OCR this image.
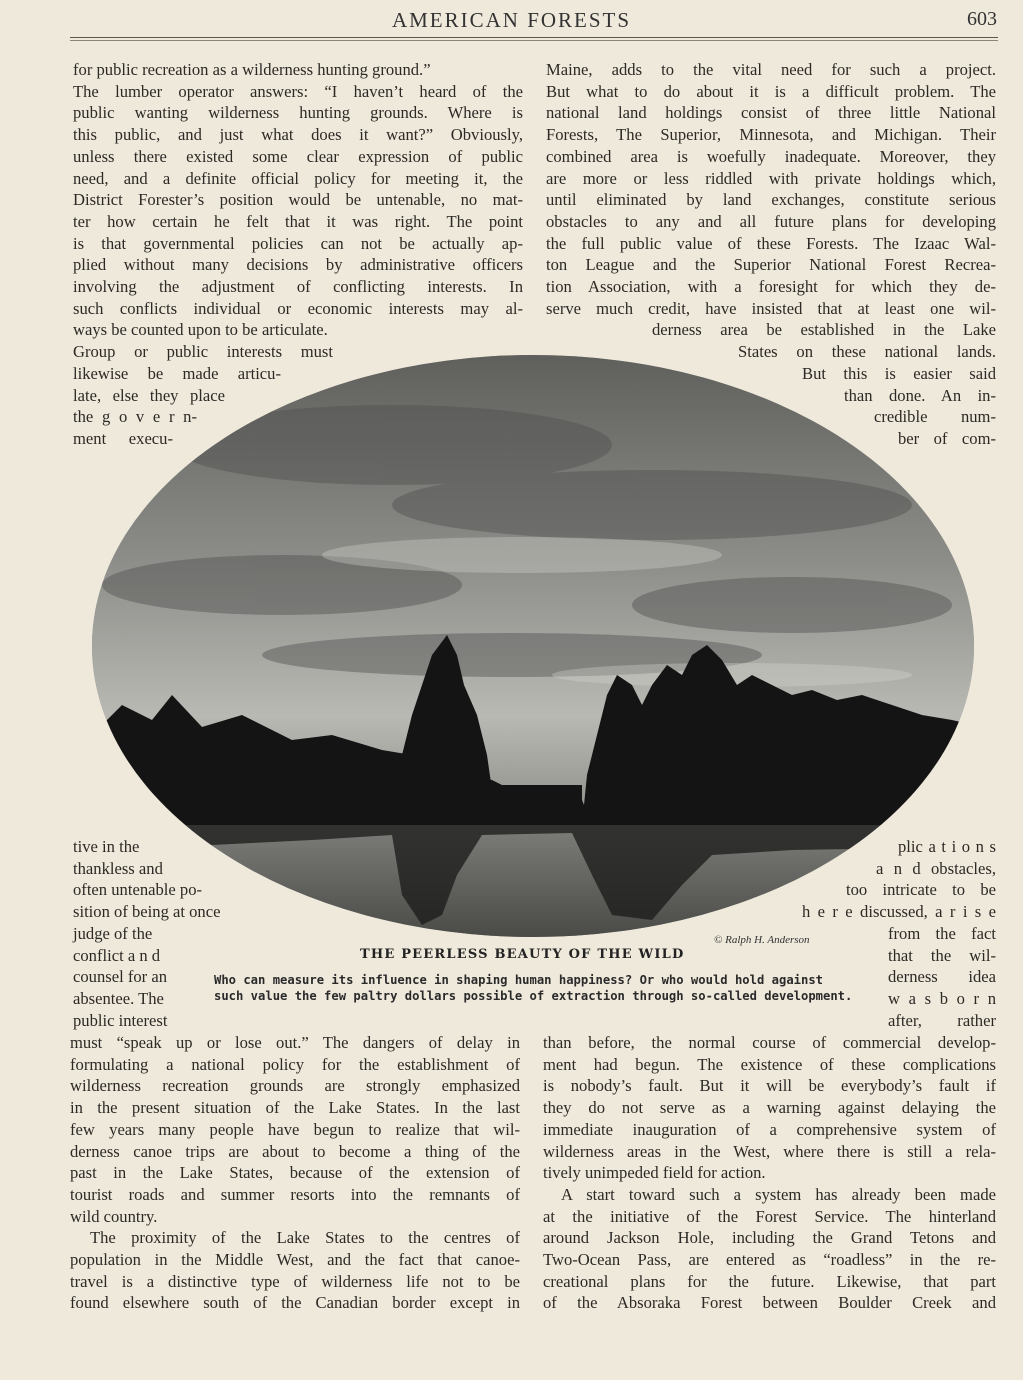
AMERICAN FORESTS	603
for public recreation as a wilderness hunting ground.”
The lumber operator answers: “I haven’t heard of the
public wanting wilderness hunting grounds. Where is
this public, and just what does it want?” Obviously,
unless there existed some clear expression of public
need, and a definite official policy for meeting it, the
District Forester’s position would be untenable, no mat-
ter how certain he felt that it was right. The point
is that governmental policies can not be actually ap-
plied without many decisions by administrative officers
involving the adjustment of conflicting interests. In
such conflicts individual or economic interests may al-
ways be counted upon to be articulate.
Group or public interests must
likewise be made articu-
late, else they place
the g o v e r n-
ment execu-
Maine, adds to the vital need for such a project.
But what to do about it is a difficult problem. The
national land holdings consist of three little National
Forests, The Superior, Minnesota, and Michigan. Their
combined area is woefully inadequate. Moreover, they
are more or less riddled with private holdings which,
until eliminated by land exchanges, constitute serious
obstacles to any and all future plans for developing
the full public value of these Forests. The Izaac Wal-
ton League and the Superior National Forest Recrea-
tion Association, with a foresight for which they de-
serve much credit, have insisted that at least one wil-
derness area be established in the Lake
States on these national lands.
But this is easier said
than done. An in-
credible num-
ber of com-
tive in the
thankless and
often untenable po-
sition of being at once
judge of the
conflict a n d
counsel for an
absentee. The
public interest
plic a t i o n s
a n d obstacles,
too intricate to be
h e r e discussed, a r i s e
from the fact
that the wil-
derness idea
w a s b o r n
after, rather
must “speak up or lose out.” The dangers of delay in
formulating a national policy for the establishment of
wilderness recreation grounds are strongly emphasized
in the present situation of the Lake States. In the last
few years many people have begun to realize that wil-
derness canoe trips are about to become a thing of the
past in the Lake States, because of the extension of
tourist roads and summer resorts into the remnants of
wild country.
The proximity of the Lake States to the centres of
population in the Middle West, and the fact that canoe-
travel is a distinctive type of wilderness life not to be
found elsewhere south of the Canadian border except in
than before, the normal course of commercial develop-
ment had begun. The existence of these complications
is nobody’s fault. But it will be everybody’s fault if
they do not serve as a warning against delaying the
immediate inauguration of a comprehensive system of
wilderness areas in the West, where there is still a rela-
tively unimpeded field for action.
A start toward such a system has already been made
at the initiative of the Forest Service. The hinterland
around Jackson Hole, including the Grand Tetons and
Two-Ocean Pass, are entered as “roadless” in the re-
creational plans for the future. Likewise, that part
of the Absoraka Forest between Boulder Creek and
© Ralph H. Anderson
THE PEERLESS BEAUTY OF THE WILD
Who can measure its influence in shaping human happiness? Or who would hold against
such value the few paltry dollars possible of extraction through so-called development.
